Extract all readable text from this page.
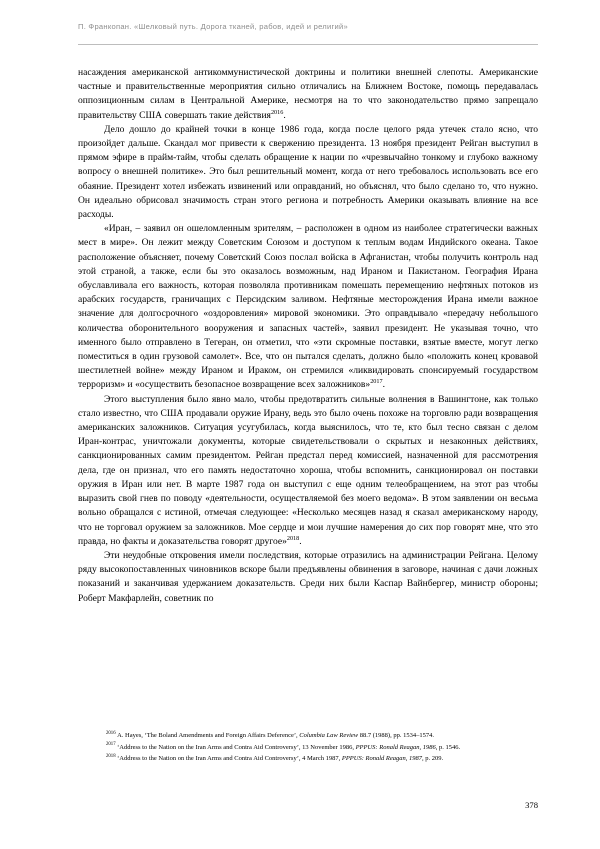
П. Франкопан. «Шелковый путь. Дорога тканей, рабов, идей и религий»

насаждения американской антикоммунистической доктрины и политики внешней слепоты. Американские частные и правительственные мероприятия сильно отличались на Ближнем Востоке, помощь передавалась оппозиционным силам в Центральной Америке, несмотря на то что законодательство прямо запрещало правительству США совершать такие действия$^{2016}$.

Дело дошло до крайней точки в конце 1986 года, когда после целого ряда утечек стало ясно, что произойдет дальше. Скандал мог привести к свержению президента. 13 ноября президент Рейган выступил в прямом эфире в прайм-тайм, чтобы сделать обращение к нации по «чрезвычайно тонкому и глубоко важному вопросу о внешней политике». Это был решительный момент, когда от него требовалось использовать все его обаяние. Президент хотел избежать извинений или оправданий, но объяснял, что было сделано то, что нужно. Он идеально обрисовал значимость стран этого региона и потребность Америки оказывать влияние на все расходы.

«Иран, – заявил он ошеломленным зрителям, – расположен в одном из наиболее стратегически важных мест в мире». Он лежит между Советским Союзом и доступом к теплым водам Индийского океана. Такое расположение объясняет, почему Советский Союз послал войска в Афганистан, чтобы получить контроль над этой страной, а также, если бы это оказалось возможным, над Ираном и Пакистаном. География Ирана обуславливала его важность, которая позволяла противникам помешать перемещению нефтяных потоков из арабских государств, граничащих с Персидским заливом. Нефтяные месторождения Ирана имели важное значение для долгосрочного «оздоровления» мировой экономики. Это оправдывало «передачу небольшого количества оборонительного вооружения и запасных частей», заявил президент. Не указывая точно, что именного было отправлено в Тегеран, он отметил, что «эти скромные поставки, взятые вместе, могут легко поместиться в один грузовой самолет». Все, что он пытался сделать, должно было «положить конец кровавой шестилетней войне» между Ираном и Ираком, он стремился «ликвидировать спонсируемый государством терроризм» и «осуществить безопасное возвращение всех заложников»$^{2017}$.

Этого выступления было явно мало, чтобы предотвратить сильные волнения в Вашингтоне, как только стало известно, что США продавали оружие Ирану, ведь это было очень похоже на торговлю ради возвращения американских заложников. Ситуация усугубилась, когда выяснилось, что те, кто был тесно связан с делом Иран-контрас, уничтожали документы, которые свидетельствовали о скрытых и незаконных действиях, санкционированных самим президентом. Рейган предстал перед комиссией, назначенной для рассмотрения дела, где он признал, что его память недостаточно хороша, чтобы вспомнить, санкционировал он поставки оружия в Иран или нет. В марте 1987 года он выступил с еще одним телеобращением, на этот раз чтобы выразить свой гнев по поводу «деятельности, осуществляемой без моего ведома». В этом заявлении он весьма вольно обращался с истиной, отмечая следующее: «Несколько месяцев назад я сказал американскому народу, что не торговал оружием за заложников. Мое сердце и мои лучшие намерения до сих пор говорят мне, что это правда, но факты и доказательства говорят другое»$^{2018}$.

Эти неудобные откровения имели последствия, которые отразились на администрации Рейгана. Целому ряду высокопоставленных чиновников вскоре были предъявлены обвинения в заговоре, начиная с дачи ложных показаний и заканчивая удержанием доказательств. Среди них были Каспар Вайнбергер, министр обороны; Роберт Макфарлейн, советник по

$^{2016}$ A. Hayes, ‘The Boland Amendments and Foreign Affairs Deference’, Columbia Law Review 88.7 (1988), pp. 1534–1574.

$^{2017}$ ‘Address to the Nation on the Iran Arms and Contra Aid Controversy’, 13 November 1986, PPPUS: Ronald Reagan, 1986, p. 1546.

$^{2018}$ ‘Address to the Nation on the Iran Arms and Contra Aid Controversy’, 4 March 1987, PPPUS: Ronald Reagan, 1987, p. 209.

378
